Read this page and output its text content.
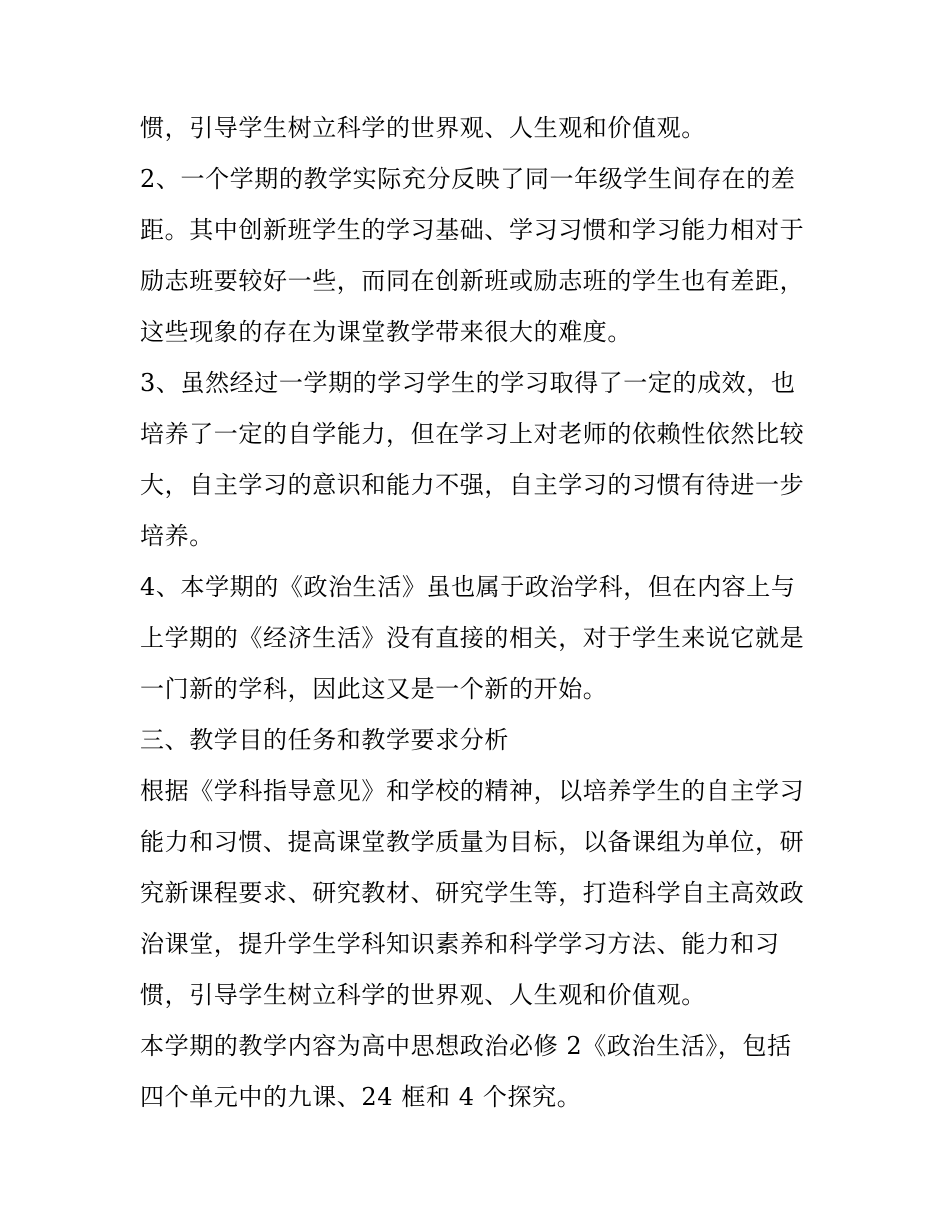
惯，引导学生树立科学的世界观、人生观和价值观。
2、一个学期的教学实际充分反映了同一年级学生间存在的差
距。其中创新班学生的学习基础、学习习惯和学习能力相对于
励志班要较好一些，而同在创新班或励志班的学生也有差距，
这些现象的存在为课堂教学带来很大的难度。
3、虽然经过一学期的学习学生的学习取得了一定的成效，也
培养了一定的自学能力，但在学习上对老师的依赖性依然比较
大，自主学习的意识和能力不强，自主学习的习惯有待进一步
培养。
4、本学期的《政治生活》虽也属于政治学科，但在内容上与
上学期的《经济生活》没有直接的相关，对于学生来说它就是
一门新的学科，因此这又是一个新的开始。
三、教学目的任务和教学要求分析
根据《学科指导意见》和学校的精神，以培养学生的自主学习
能力和习惯、提高课堂教学质量为目标，以备课组为单位，研
究新课程要求、研究教材、研究学生等，打造科学自主高效政
治课堂，提升学生学科知识素养和科学学习方法、能力和习
惯，引导学生树立科学的世界观、人生观和价值观。
本学期的教学内容为高中思想政治必修 2《政治生活》，包括
四个单元中的九课、24 框和 4 个探究。
